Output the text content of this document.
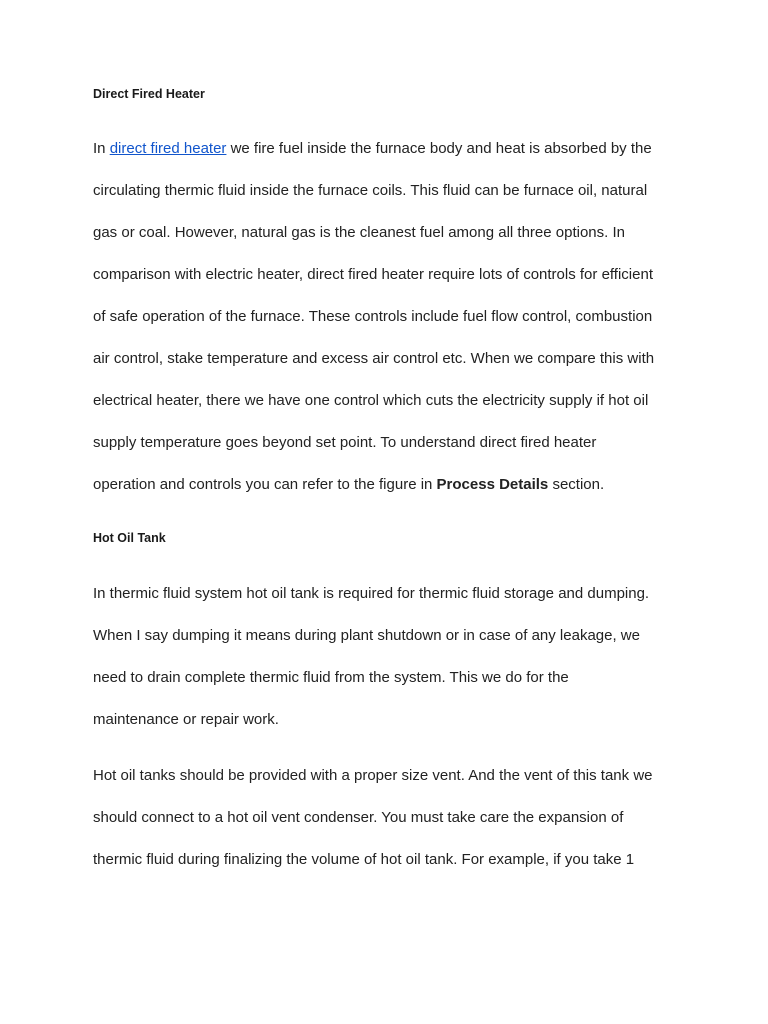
Direct Fired Heater
In direct fired heater we fire fuel inside the furnace body and heat is absorbed by the
circulating thermic fluid inside the furnace coils. This fluid can be furnace oil, natural
gas or coal. However, natural gas is the cleanest fuel among all three options. In
comparison with electric heater, direct fired heater require lots of controls for efficient
of safe operation of the furnace. These controls include fuel flow control, combustion
air control, stake temperature and excess air control etc. When we compare this with
electrical heater, there we have one control which cuts the electricity supply if hot oil
supply temperature goes beyond set point. To understand direct fired heater
operation and controls you can refer to the figure in Process Details section.
Hot Oil Tank
In thermic fluid system hot oil tank is required for thermic fluid storage and dumping.
When I say dumping it means during plant shutdown or in case of any leakage, we
need to drain complete thermic fluid from the system. This we do for the
maintenance or repair work.
Hot oil tanks should be provided with a proper size vent. And the vent of this tank we
should connect to a hot oil vent condenser. You must take care the expansion of
thermic fluid during finalizing the volume of hot oil tank. For example, if you take 1
